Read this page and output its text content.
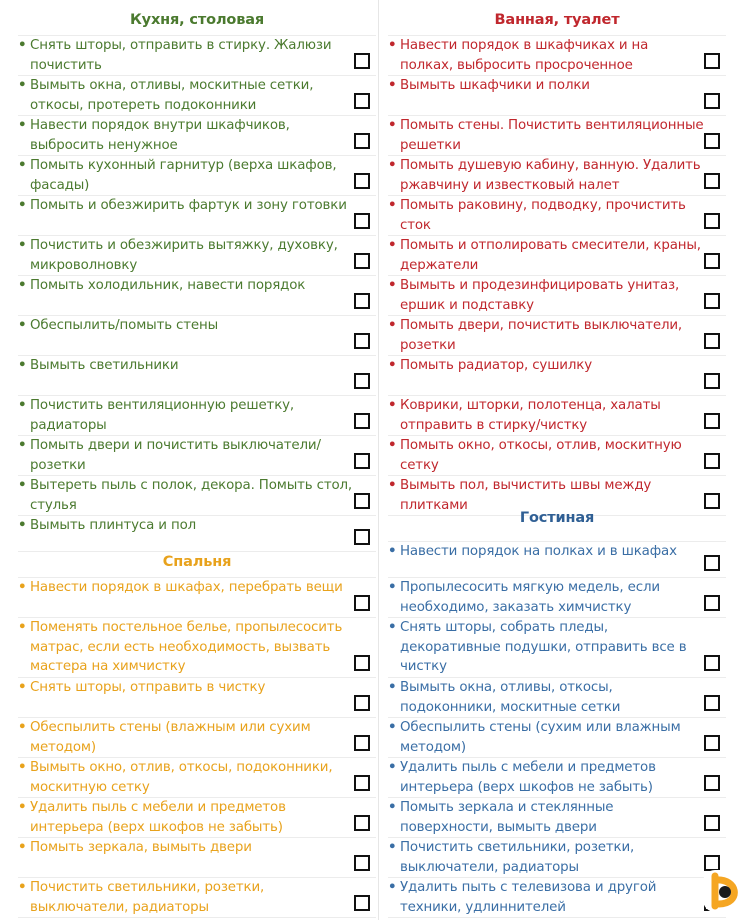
Кухня, столовая
• Снять шторы, отправить в стирку. Жалюзи почистить
• Вымыть окна, отливы, москитные сетки, откосы, протереть подоконники
• Навести порядок внутри шкафчиков, выбросить ненужное
• Помыть кухонный гарнитур (верха шкафов, фасады)
• Помыть и обезжирить фартук и зону готовки
• Почистить и обезжирить вытяжку, духовку, микроволновку
• Помыть холодильник, навести порядок
• Обеспылить/помыть стены
• Вымыть светильники
• Почистить вентиляционную решетку, радиаторы
• Помыть двери и почистить выключатели/розетки
• Вытереть пыль с полок, декора. Помыть стол, стулья
• Вымыть плинтуса и пол
Спальня
• Навести порядок в шкафах, перебрать вещи
• Поменять постельное белье, пропылесосить матрас, если есть необходимость, вызвать мастера на химчистку
• Снять шторы, отправить в чистку
• Обеспылить стены (влажным или сухим методом)
• Вымыть окно, отлив, откосы, подоконники, москитную сетку
• Удалить пыль с мебели и предметов интерьера (верх шкофов не забыть)
• Помыть зеркала, вымыть двери
• Почистить светильники, розетки, выключатели, радиаторы
Ванная, туалет
• Навести порядок в шкафчиках и на полках, выбросить просроченное
• Вымыть шкафчики и полки
• Помыть стены. Почистить вентиляционные решетки
• Помыть душевую кабину, ванную. Удалить ржавчину и известковый налет
• Помыть раковину, подводку, прочистить сток
• Помыть и отполировать смесители, краны, держатели
• Вымыть и продезинфицировать унитаз, ершик и подставку
• Помыть двери, почистить выключатели, розетки
• Помыть радиатор, сушилку
• Коврики, шторки, полотенца, халаты отправить в стирку/чистку
• Помыть окно, откосы, отлив, москитную сетку
• Вымыть пол, вычистить швы между плитками
Гостиная
• Навести порядок на полках и в шкафах
• Пропылесосить мягкую медель, если необходимо, заказать химчистку
• Снять шторы, собрать пледы, декоративные подушки, отправить все в чистку
• Вымыть окна, отливы, откосы, подоконники, москитные сетки
• Обеспылить стены (сухим или влажным методом)
• Удалить пыль с мебели и предметов интерьера (верх шкофов не забыть)
• Помыть зеркала и стеклянные поверхности, вымыть двери
• Почистить светильники, розетки, выключатели, радиаторы
• Удалить пыть с телевизова и другой техники, удлиннителей
